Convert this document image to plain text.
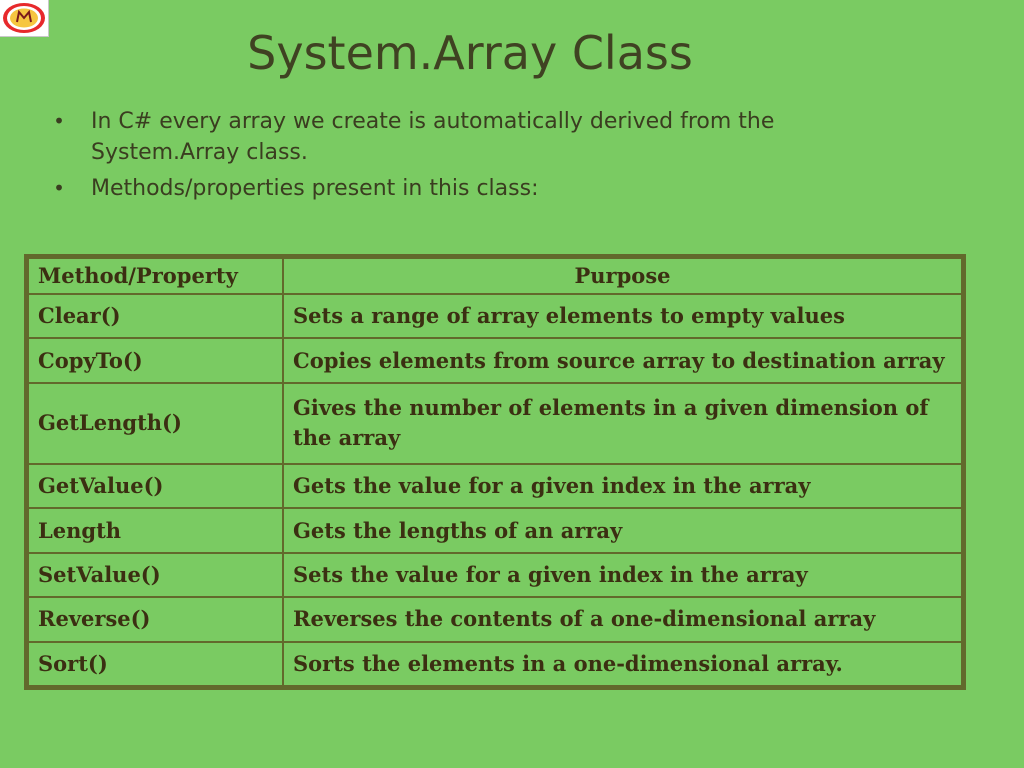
System.Array Class
• In C# every array we create is automatically derived from the System.Array class.
• Methods/properties present in this class:
Method/Property	Purpose
Clear()	Sets a range of array elements to empty values
CopyTo()	Copies elements from source array to destination array
GetLength()	Gives the number of elements in a given dimension of the array
GetValue()	Gets the value for a given index in the array
Length	Gets the lengths of an array
SetValue()	Sets the value for a given index in the array
Reverse()	Reverses the contents of a one-dimensional array
Sort()	Sorts the elements in a one-dimensional array.
